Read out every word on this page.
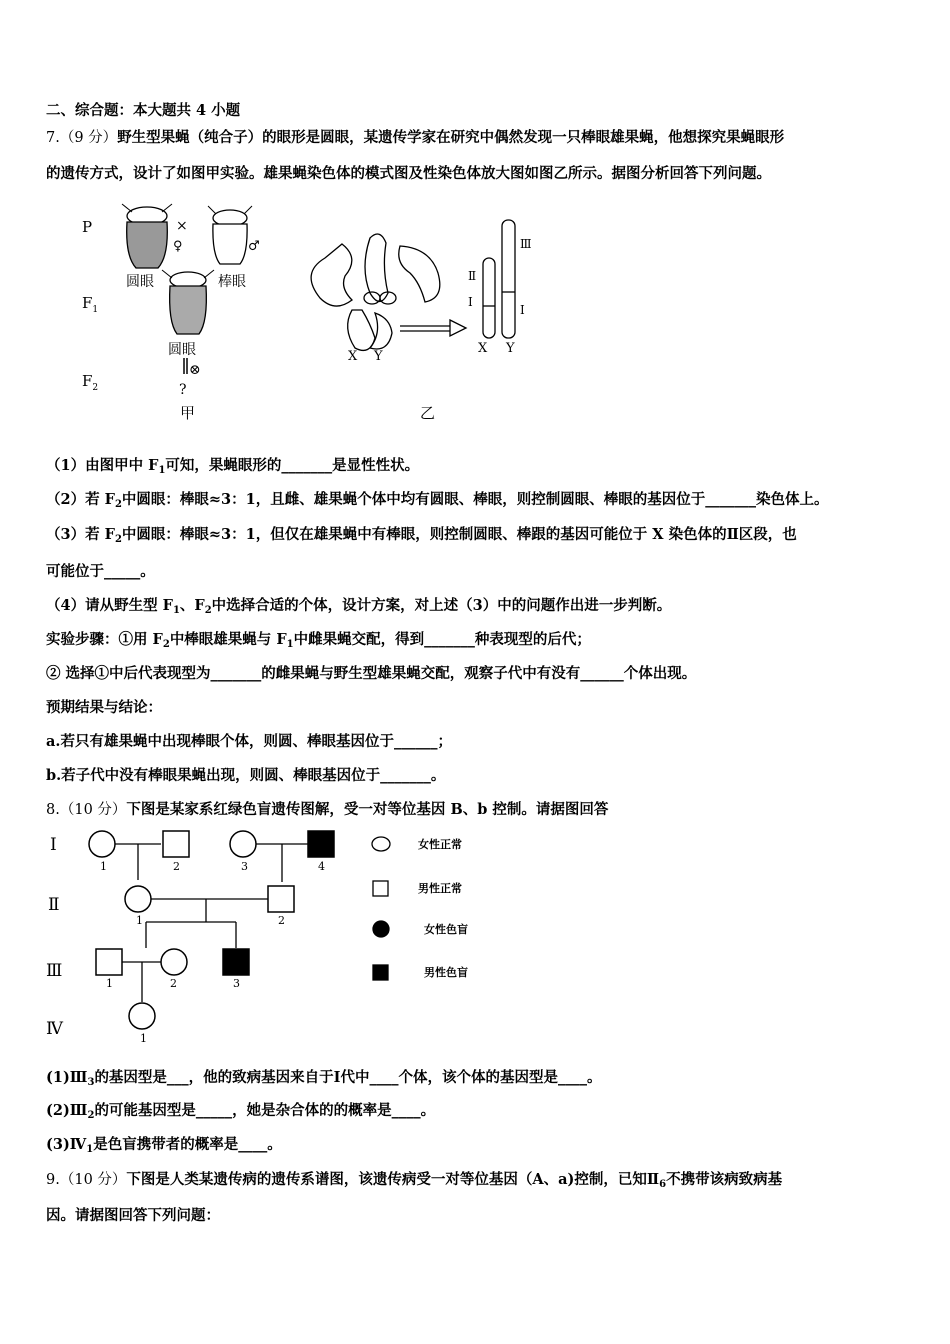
二、综合题：本大题共 4 小题
7.（9 分）野生型果蝇（纯合子）的眼形是圆眼，某遗传学家在研究中偶然发现一只棒眼雄果蝇，他想探究果蝇眼形
的遗传方式，设计了如图甲实验。雄果蝇染色体的模式图及性染色体放大图如图乙所示。据图分析回答下列问题。
P
$F_1$
$F_2$
×
♀	♂
圆眼	棒眼
圆眼
⊗
?
甲
X Y
X Y
Ⅱ
Ⅰ
Ⅲ
Ⅰ
乙
（1）由图甲中 $F_1$可知，果蝇眼形的_______是显性性状。
（2）若 $F_2$中圆眼：棒眼≈3：1，且雌、雄果蝇个体中均有圆眼、棒眼，则控制圆眼、棒眼的基因位于_______染色体上。
（3）若 $F_2$中圆眼：棒眼≈3：1，但仅在雄果蝇中有棒眼，则控制圆眼、棒跟的基因可能位于 X 染色体的Ⅱ区段，也
可能位于_____。
（4）请从野生型 $F_1$、$F_2$中选择合适的个体，设计方案，对上述（3）中的问题作出进一步判断。
实验步骤：①用 $F_2$中棒眼雄果蝇与 $F_1$中雌果蝇交配，得到_______种表现型的后代；
② 选择①中后代表现型为_______的雌果蝇与野生型雄果蝇交配，观察子代中有没有______个体出现。
预期结果与结论：
a.若只有雄果蝇中出现棒眼个体，则圆、棒眼基因位于______；
b.若子代中没有棒眼果蝇出现，则圆、棒眼基因位于_______。
8.（10 分）下图是某家系红绿色盲遗传图解，受一对等位基因 B、b 控制。请据图回答
Ⅰ
Ⅱ
Ⅲ
Ⅳ
1	2	3	4
1	2
1	2	3
1
女性正常
男性正常
女性色盲
男性色盲
$(1)Ⅲ_3$的基因型是___，他的致病基因来自于Ⅰ代中____个体，该个体的基因型是____。
$(2)Ⅲ_2$的可能基因型是_____，她是杂合体的的概率是____。
$(3)Ⅳ_1$是色盲携带者的概率是____。
9.（10 分）下图是人类某遗传病的遗传系谱图，该遗传病受一对等位基因（A、a)控制，已知$Ⅱ_6$不携带该病致病基
因。请据图回答下列问题：
